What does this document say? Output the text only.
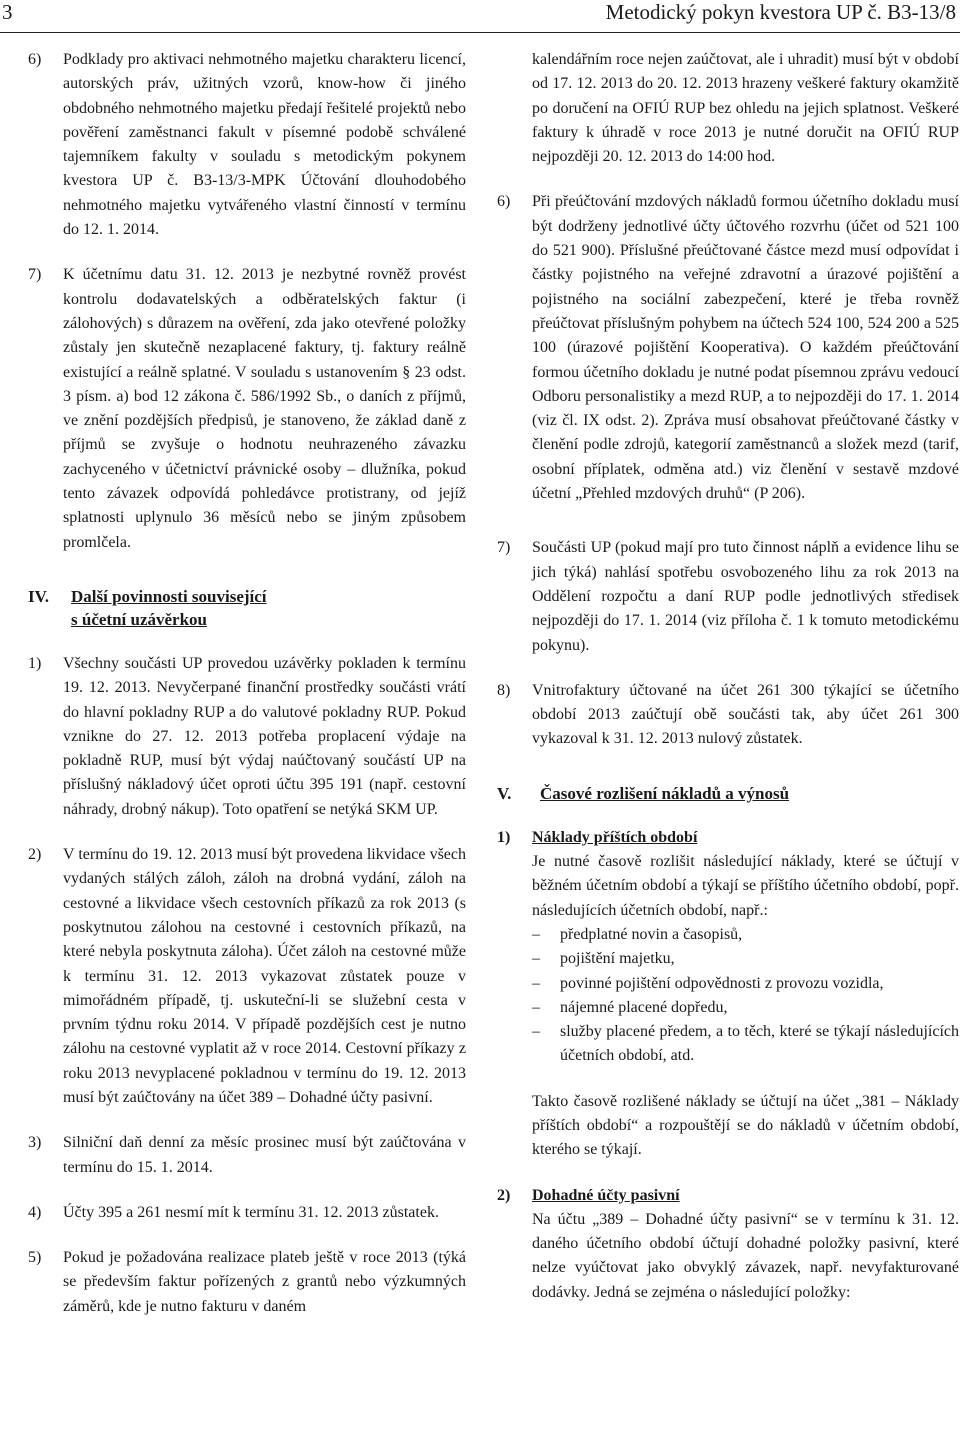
3	Metodický pokyn kvestora UP č. B3-13/8
6)	Podklady pro aktivaci nehmotného majetku charakteru licencí, autorských práv, užitných vzorů, know-how či jiného obdobného nehmotného majetku předají řešitelé projektů nebo pověření zaměstnanci fakult v písemné podobě schválené tajemníkem fakulty v souladu s metodickým pokynem kvestora UP č. B3-13/3-MPK Účtování dlouhodobého nehmotného majetku vytvářeného vlastní činností v termínu do 12. 1. 2014.
7)	K účetnímu datu 31. 12. 2013 je nezbytné rovněž provést kontrolu dodavatelských a odběratelských faktur (i zálohových) s důrazem na ověření, zda jako otevřené položky zůstaly jen skutečně nezaplacené faktury, tj. faktury reálně existující a reálně splatné. V souladu s ustanovením § 23 odst. 3 písm. a) bod 12 zákona č. 586/1992 Sb., o daních z příjmů, ve znění pozdějších předpisů, je stanoveno, že základ daně z příjmů se zvyšuje o hodnotu neuhrazeného závazku zachyceného v účetnictví právnické osoby – dlužníka, pokud tento závazek odpovídá pohledávce protistrany, od jejíž splatnosti uplynulo 36 měsíců nebo se jiným způsobem promlčela.
IV.	Další povinnosti související
s účetní uzávěrkou
1)	Všechny součásti UP provedou uzávěrky pokladen k termínu 19. 12. 2013. Nevyčerpané finanční prostředky součásti vrátí do hlavní pokladny RUP a do valutové pokladny RUP. Pokud vznikne do 27. 12. 2013 potřeba proplacení výdaje na pokladně RUP, musí být výdaj naúčtovaný součástí UP na příslušný nákladový účet oproti účtu 395 191 (např. cestovní náhrady, drobný nákup). Toto opatření se netýká SKM UP.
2)	V termínu do 19. 12. 2013 musí být provedena likvidace všech vydaných stálých záloh, záloh na drobná vydání, záloh na cestovné a likvidace všech cestovních příkazů za rok 2013 (s poskytnutou zálohou na cestovné i cestovních příkazů, na které nebyla poskytnuta záloha). Účet záloh na cestovné může k termínu 31. 12. 2013 vykazovat zůstatek pouze v mimořádném případě, tj. uskuteční-li se služební cesta v prvním týdnu roku 2014. V případě pozdějších cest je nutno zálohu na cestovné vyplatit až v roce 2014. Cestovní příkazy z roku 2013 nevyplacené pokladnou v termínu do 19. 12. 2013 musí být zaúčtovány na účet 389 – Dohadné účty pasivní.
3)	Silniční daň denní za měsíc prosinec musí být zaúčtována v termínu do 15. 1. 2014.
4)	Účty 395 a 261 nesmí mít k termínu 31. 12. 2013 zůstatek.
5)	Pokud je požadována realizace plateb ještě v roce 2013 (týká se především faktur pořízených z grantů nebo výzkumných záměrů, kde je nutno fakturu v daném
kalendářním roce nejen zaúčtovat, ale i uhradit) musí být v období od 17. 12. 2013 do 20. 12. 2013 hrazeny veškeré faktury okamžitě po doručení na OFIÚ RUP bez ohledu na jejich splatnost. Veškeré faktury k úhradě v roce 2013 je nutné doručit na OFIÚ RUP nejpozději 20. 12. 2013 do 14:00 hod.
6)	Při přeúčtování mzdových nákladů formou účetního dokladu musí být dodrženy jednotlivé účty účtového rozvrhu (účet od 521 100 do 521 900). Příslušné přeúčtované částce mezd musí odpovídat i částky pojistného na veřejné zdravotní a úrazové pojištění a pojistného na sociální zabezpečení, které je třeba rovněž přeúčtovat příslušným pohybem na účtech 524 100, 524 200 a 525 100 (úrazové pojištění Kooperativa). O každém přeúčtování formou účetního dokladu je nutné podat písemnou zprávu vedoucí Odboru personalistiky a mezd RUP, a to nejpozději do 17. 1. 2014 (viz čl. IX odst. 2). Zpráva musí obsahovat přeúčtované částky v členění podle zdrojů, kategorií zaměstnanců a složek mezd (tarif, osobní příplatek, odměna atd.) viz členění v sestavě mzdové účetní „Přehled mzdových druhů“ (P 206).
7)	Součásti UP (pokud mají pro tuto činnost náplň a evidence lihu se jich týká) nahlásí spotřebu osvobozeného lihu za rok 2013 na Oddělení rozpočtu a daní RUP podle jednotlivých středisek nejpozději do 17. 1. 2014 (viz příloha č. 1 k tomuto metodickému pokynu).
8)	Vnitrofaktury účtované na účet 261 300 týkající se účetního období 2013 zaúčtují obě součásti tak, aby účet 261 300 vykazoval k 31. 12. 2013 nulový zůstatek.
V.	Časové rozlišení nákladů a výnosů
1)	Náklady příštích období
Je nutné časově rozlišit následující náklady, které se účtují v běžném účetním období a týkají se příštího účetního období, popř. následujících účetních období, např.:
–	předplatné novin a časopisů,
–	pojištění majetku,
–	povinné pojištění odpovědnosti z provozu vozidla,
–	nájemné placené dopředu,
–	služby placené předem, a to těch, které se týkají následujících účetních období, atd.
Takto časově rozlišené náklady se účtují na účet „381 – Náklady příštích období“ a rozpouštějí se do nákladů v účetním období, kterého se týkají.
2)	Dohadné účty pasivní
Na účtu „389 – Dohadné účty pasivní“ se v termínu k 31. 12. daného účetního období účtují dohadné položky pasivní, které nelze vyúčtovat jako obvyklý závazek, např. nevyfakturované dodávky. Jedná se zejména o následující položky:
